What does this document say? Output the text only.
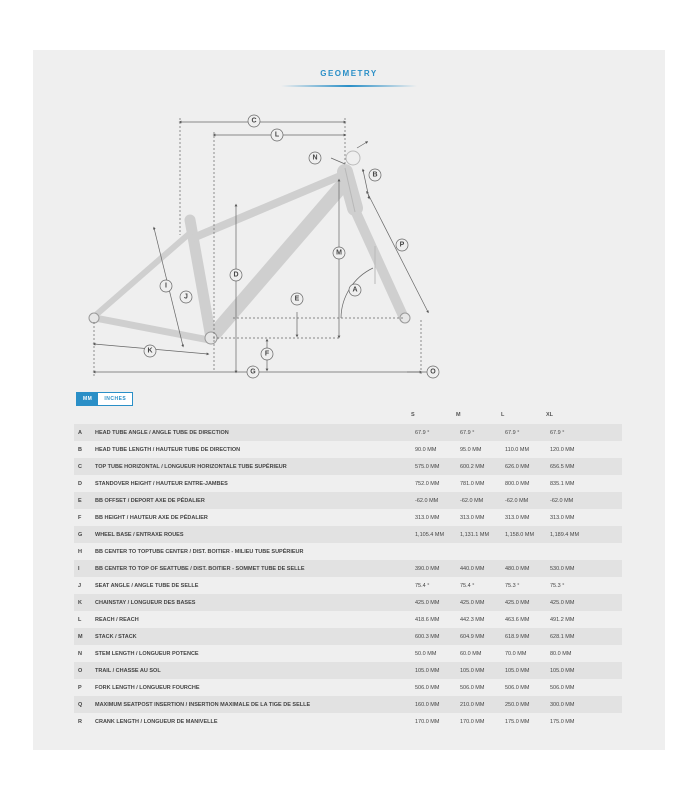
GEOMETRY
C
L
N
B
P
M
D
I
J	E
A
K	F
G	O
MM	INCHES
S	M	L	XL
A	HEAD TUBE ANGLE / ANGLE TUBE DE DIRECTION	67.9 °	67.9 °	67.9 °	67.9 °
B	HEAD TUBE LENGTH / HAUTEUR TUBE DE DIRECTION	90.0 MM	95.0 MM	110.0 MM	120.0 MM
C	TOP TUBE HORIZONTAL / LONGUEUR HORIZONTALE TUBE SUPÉRIEUR	575.0 MM	600.2 MM	626.0 MM	656.5 MM
D	STANDOVER HEIGHT / HAUTEUR ENTRE-JAMBES	752.0 MM	781.0 MM	800.0 MM	835.1 MM
E	BB OFFSET / DEPORT AXE DE PÉDALIER	-62.0 MM	-62.0 MM	-62.0 MM	-62.0 MM
F	BB HEIGHT / HAUTEUR AXE DE PÉDALIER	313.0 MM	313.0 MM	313.0 MM	313.0 MM
G	WHEEL BASE / ENTRAXE ROUES	1,105.4 MM	1,131.1 MM	1,158.0 MM	1,189.4 MM
H	BB CENTER TO TOPTUBE CENTER / DIST. BOITIER - MILIEU TUBE SUPÉRIEUR				
I	BB CENTER TO TOP OF SEATTUBE / DIST. BOITIER - SOMMET TUBE DE SELLE	390.0 MM	440.0 MM	480.0 MM	530.0 MM
J	SEAT ANGLE / ANGLE TUBE DE SELLE	75.4 °	75.4 °	75.3 °	75.3 °
K	CHAINSTAY / LONGUEUR DES BASES	425.0 MM	425.0 MM	425.0 MM	425.0 MM
L	REACH / REACH	418.6 MM	442.3 MM	463.6 MM	491.2 MM
M	STACK / STACK	600.3 MM	604.9 MM	618.9 MM	628.1 MM
N	STEM LENGTH / LONGUEUR POTENCE	50.0 MM	60.0 MM	70.0 MM	80.0 MM
O	TRAIL / CHASSE AU SOL	105.0 MM	105.0 MM	105.0 MM	105.0 MM
P	FORK LENGTH / LONGUEUR FOURCHE	506.0 MM	506.0 MM	506.0 MM	506.0 MM
Q	MAXIMUM SEATPOST INSERTION / INSERTION MAXIMALE DE LA TIGE DE SELLE	160.0 MM	210.0 MM	250.0 MM	300.0 MM
R	CRANK LENGTH / LONGUEUR DE MANIVELLE	170.0 MM	170.0 MM	175.0 MM	175.0 MM
